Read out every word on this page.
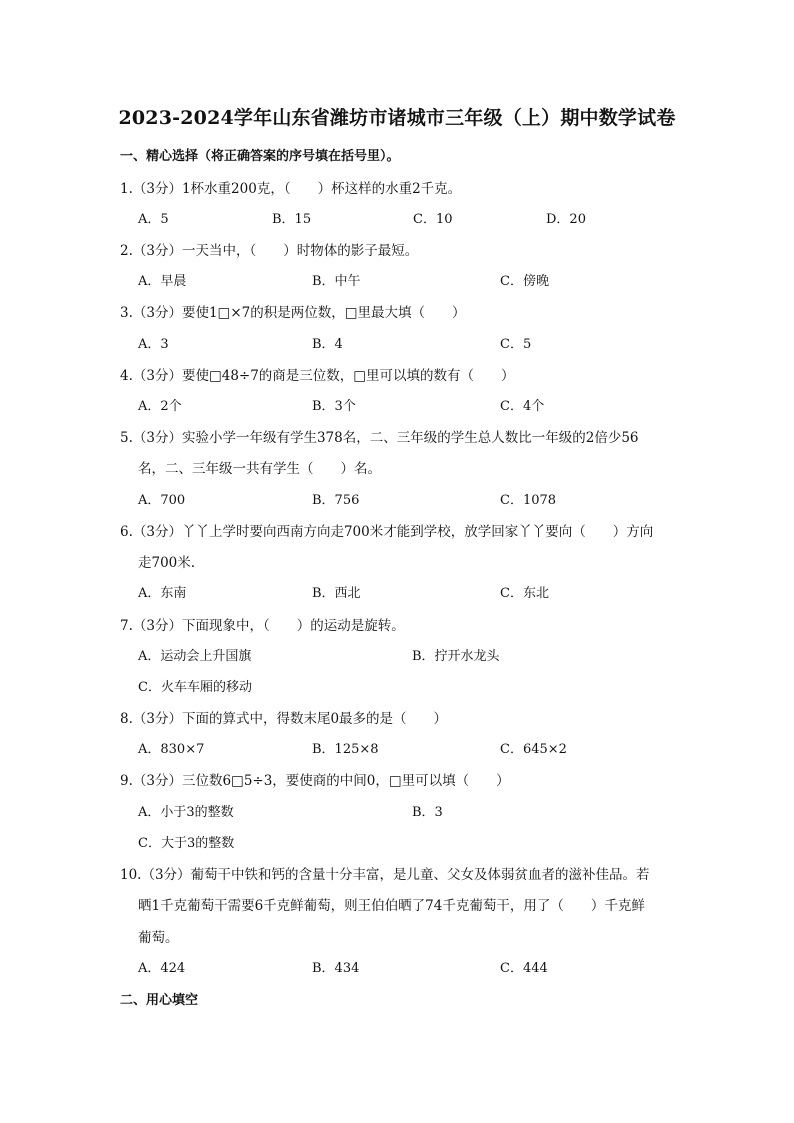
2023-2024学年山东省潍坊市诸城市三年级（上）期中数学试卷
一、精心选择（将正确答案的序号填在括号里）。
1.（3分）1杯水重200克，（　　）杯这样的水重2千克。
A．5	B．15	C．10	D．20
2.（3分）一天当中，（　　）时物体的影子最短。
A．早晨	B．中午	C．傍晚
3.（3分）要使1□×7的积是两位数，□里最大填（　　）
A．3	B．4	C．5
4.（3分）要使□48÷7的商是三位数，□里可以填的数有（　　）
A．2个	B．3个	C．4个
5.（3分）实验小学一年级有学生378名，二、三年级的学生总人数比一年级的2倍少56
名，二、三年级一共有学生（　　）名。
A．700	B．756	C．1078
6.（3分）丫丫上学时要向西南方向走700米才能到学校，放学回家丫丫要向（　　）方向
走700米.
A．东南	B．西北	C．东北
7.（3分）下面现象中，（　　）的运动是旋转。
A．运动会上升国旗	B．拧开水龙头
C．火车车厢的移动
8.（3分）下面的算式中，得数末尾0最多的是（　　）
A．830×7	B．125×8	C．645×2
9.（3分）三位数6□5÷3，要使商的中间0，□里可以填（　　）
A．小于3的整数	B．3
C．大于3的整数
10.（3分）葡萄干中铁和钙的含量十分丰富，是儿童、父女及体弱贫血者的滋补佳品。若
晒1千克葡萄干需要6千克鲜葡萄，则王伯伯晒了74千克葡萄干，用了（　　）千克鲜
葡萄。
A．424	B．434	C．444
二、用心填空
